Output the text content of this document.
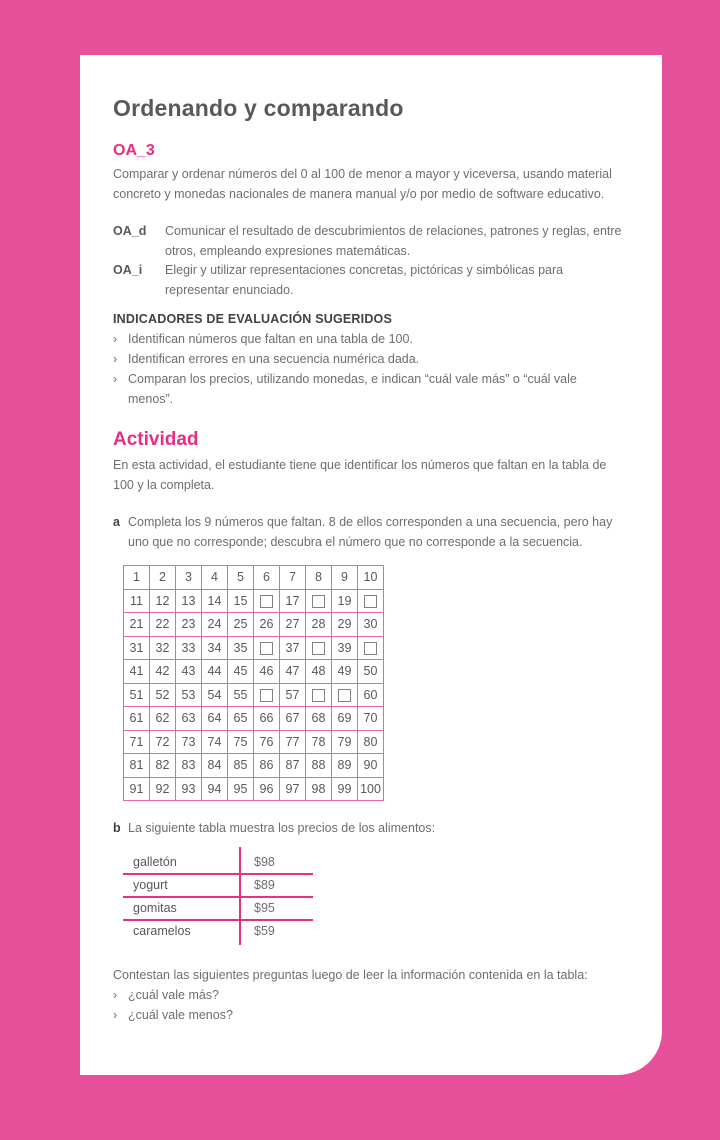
Ordenando y comparando
OA_3

Comparar y ordenar números del 0 al 100 de menor a mayor y viceversa, usando material concreto y monedas nacionales de manera manual y/o por medio de software educativo.

OA_d	Comunicar el resultado de descubrimientos de relaciones, patrones y reglas, entre otros, empleando expresiones matemáticas.
OA_i	Elegir y utilizar representaciones concretas, pictóricas y simbólicas para representar enunciado.
INDICADORES DE EVALUACIÓN SUGERIDOS
› Identifican números que faltan en una tabla de 100.
› Identifican errores en una secuencia numérica dada.
› Comparan los precios, utilizando monedas, e indican “cuál vale más” o “cuál vale menos”.
Actividad

En esta actividad, el estudiante tiene que identificar los números que faltan en la tabla de 100 y la completa.

a Completa los 9 números que faltan. 8 de ellos corresponden a una secuencia, pero hay uno que no corresponde; descubra el número que no corresponde a la secuencia.
1	2	3	4	5	6	7	8	9	10
11	12	13	14	15		17		19	
21	22	23	24	25	26	27	28	29	30
31	32	33	34	35		37		39	
41	42	43	44	45	46	47	48	49	50
51	52	53	54	55		57			60
61	62	63	64	65	66	67	68	69	70
71	72	73	74	75	76	77	78	79	80
81	82	83	84	85	86	87	88	89	90
91	92	93	94	95	96	97	98	99	100
b La siguiente tabla muestra los precios de los alimentos:
galletón	$98
yogurt	$89
gomitas	$95
caramelos	$59

Contestan las siguientes preguntas luego de leer la información contenida en la tabla:

› ¿cuál vale más?
› ¿cuál vale menos?
